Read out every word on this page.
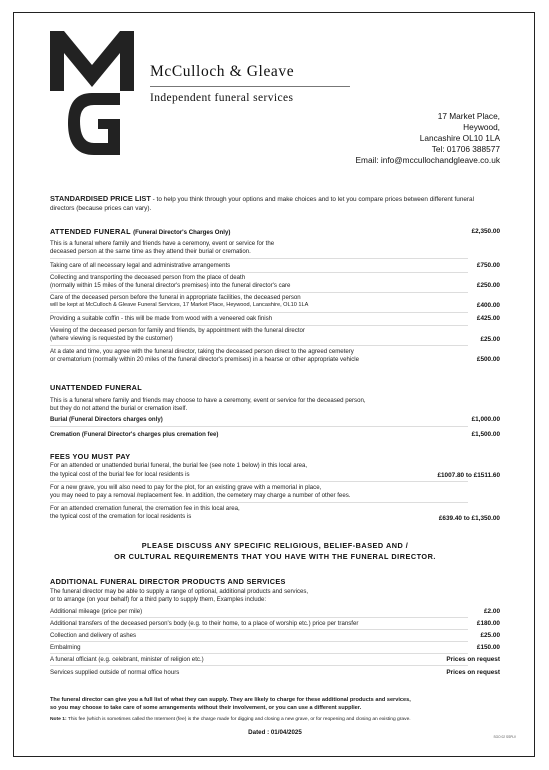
McCulloch & Gleave
Independent funeral services
17 Market Place,
Heywood,
Lancashire OL10 1LA
Tel: 01706 388577
Email: info@mccullochandgleave.co.uk
STANDARDISED PRICE LIST - to help you think through your options and make choices and to let you compare prices between different funeral directors (because prices can vary).
ATTENDED FUNERAL (Funeral Director's Charges Only)	£2,350.00
This is a funeral where family and friends have a ceremony, event or service for the
deceased person at the same time as they attend their burial or cremation.
Taking care of all necessary legal and administrative arrangements	£750.00
Collecting and transporting the deceased person from the place of death
(normally within 15 miles of the funeral director's premises) into the funeral director's care	£250.00
Care of the deceased person before the funeral in appropriate facilities, the deceased person
will be kept at McCulloch & Gleave Funeral Services, 17 Market Place, Heywood, Lancashire, OL10 1LA	£400.00
Providing a suitable coffin - this will be made from wood with a veneered oak finish	£425.00
Viewing of the deceased person for family and friends, by appointment with the funeral director
(where viewing is requested by the customer)	£25.00
At a date and time, you agree with the funeral director, taking the deceased person direct to the agreed cemetery
or crematorium (normally within 20 miles of the funeral director's premises) in a hearse or other appropriate vehicle	£500.00
UNATTENDED FUNERAL
This is a funeral where family and friends may choose to have a ceremony, event or service for the deceased person,
but they do not attend the burial or cremation itself.
Burial (Funeral Directors charges only)	£1,000.00
Cremation (Funeral Director's charges plus cremation fee)	£1,500.00
FEES YOU MUST PAY
For an attended or unattended burial funeral, the burial fee (see note 1 below) in this local area,
the typical cost of the burial fee for local residents is	£1007.80 to £1511.60
For a new grave, you will also need to pay for the plot, for an existing grave with a memorial in place,
you may need to pay a removal /replacement fee. In addition, the cemetery may charge a number of other fees.
For an attended cremation funeral, the cremation fee in this local area,
the typical cost of the cremation for local residents is	£639.40 to £1,350.00
PLEASE DISCUSS ANY SPECIFIC RELIGIOUS, BELIEF-BASED AND /
OR CULTURAL REQUIREMENTS THAT YOU HAVE WITH THE FUNERAL DIRECTOR.
ADDITIONAL FUNERAL DIRECTOR PRODUCTS AND SERVICES
The funeral director may be able to supply a range of optional, additional products and services,
or to arrange (on your behalf) for a third party to supply them, Examples include:
Additional mileage (price per mile)	£2.00
Additional transfers of the deceased person's body (e.g. to their home, to a place of worship etc.) price per transfer	£180.00
Collection and delivery of ashes	£25.00
Embalming	£150.00
A funeral officiant (e.g. celebrant, minister of religion etc.)	Prices on request
Services supplied outside of normal office hours	Prices on request
The funeral director can give you a full list of what they can supply. They are likely to charge for these additional products and services,
so you may choose to take care of some arrangements without their involvement, or you can use a different supplier.
Note 1: This fee (which is sometimes called the Interment (fee) is the charge made for digging and closing a new grave, or for reopening and closing an existing grave.
Dated : 01/04/2025
SGO 02 SSPLV
